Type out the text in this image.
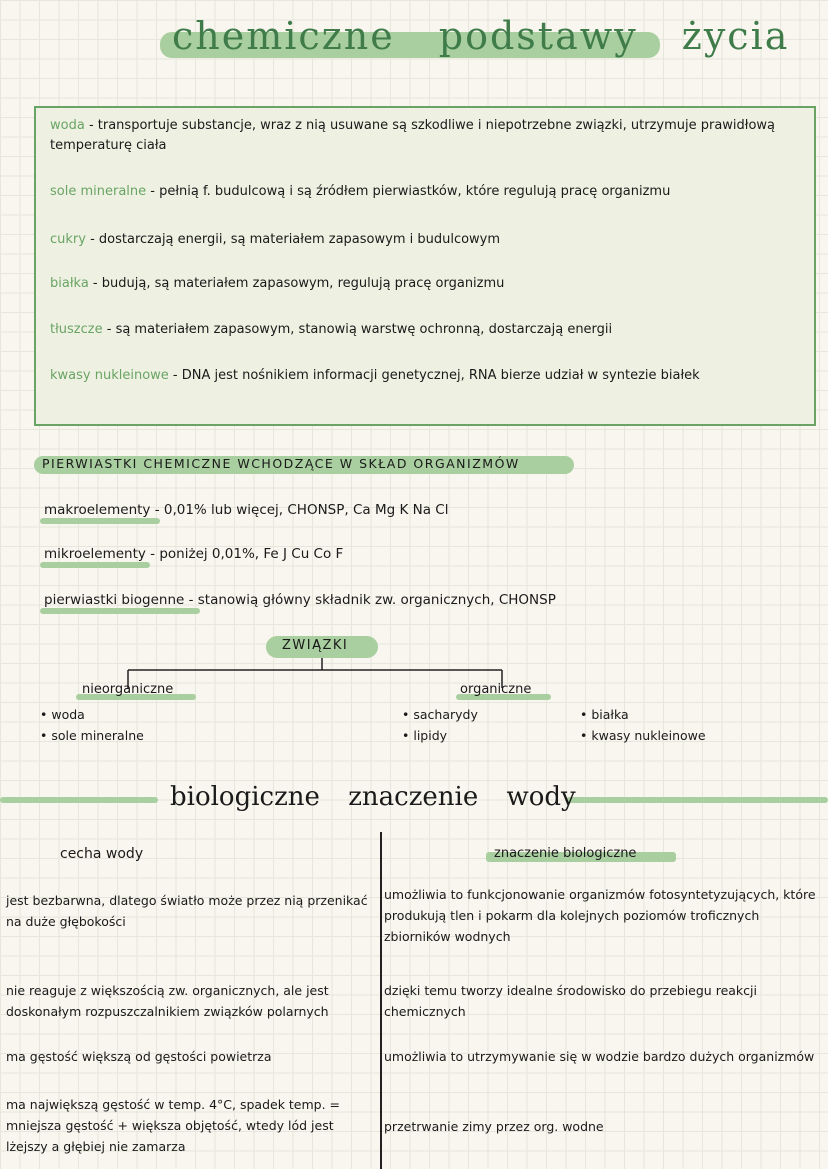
chemiczne podstawy życia
woda - transportuje substancje, wraz z nią usuwane są szkodliwe i niepotrzebne związki, utrzymuje prawidłową temperaturę ciała
sole mineralne - pełnią f. budulcową i są źródłem pierwiastków, które regulują pracę organizmu
cukry - dostarczają energii, są materiałem zapasowym i budulcowym
białka - budują, są materiałem zapasowym, regulują pracę organizmu
tłuszcze - są materiałem zapasowym, stanowią warstwę ochronną, dostarczają energii
kwasy nukleinowe - DNA jest nośnikiem informacji genetycznej, RNA bierze udział w syntezie białek
PIERWIASTKI CHEMICZNE WCHODZĄCE W SKŁAD ORGANIZMÓW
makroelementy - 0,01% lub więcej, CHONSP, Ca Mg K Na Cl
mikroelementy - poniżej 0,01%, Fe J Cu Co F
pierwiastki biogenne - stanowią główny składnik zw. organicznych, CHONSP
ZWIĄZKI
nieorganiczne
• woda
• sole mineralne
organiczne
• sacharydy
• lipidy
• białka
• kwasy nukleinowe
biologiczne znaczenie wody
cecha wody	znaczenie biologiczne
jest bezbarwna, dlatego światło może przez nią przenikać na duże głębokości
umożliwia to funkcjonowanie organizmów fotosyntetyzujących, które produkują tlen i pokarm dla kolejnych poziomów troficznych zbiorników wodnych
nie reaguje z większością zw. organicznych, ale jest doskonałym rozpuszczalnikiem związków polarnych
dzięki temu tworzy idealne środowisko do przebiegu reakcji chemicznych
ma gęstość większą od gęstości powietrza	umożliwia to utrzymywanie się w wodzie bardzo dużych organizmów
ma największą gęstość w temp. 4°C, spadek temp. = mniejsza gęstość + większa objętość, wtedy lód jest lżejszy a głębiej nie zamarza
przetrwanie zimy przez org. wodne
